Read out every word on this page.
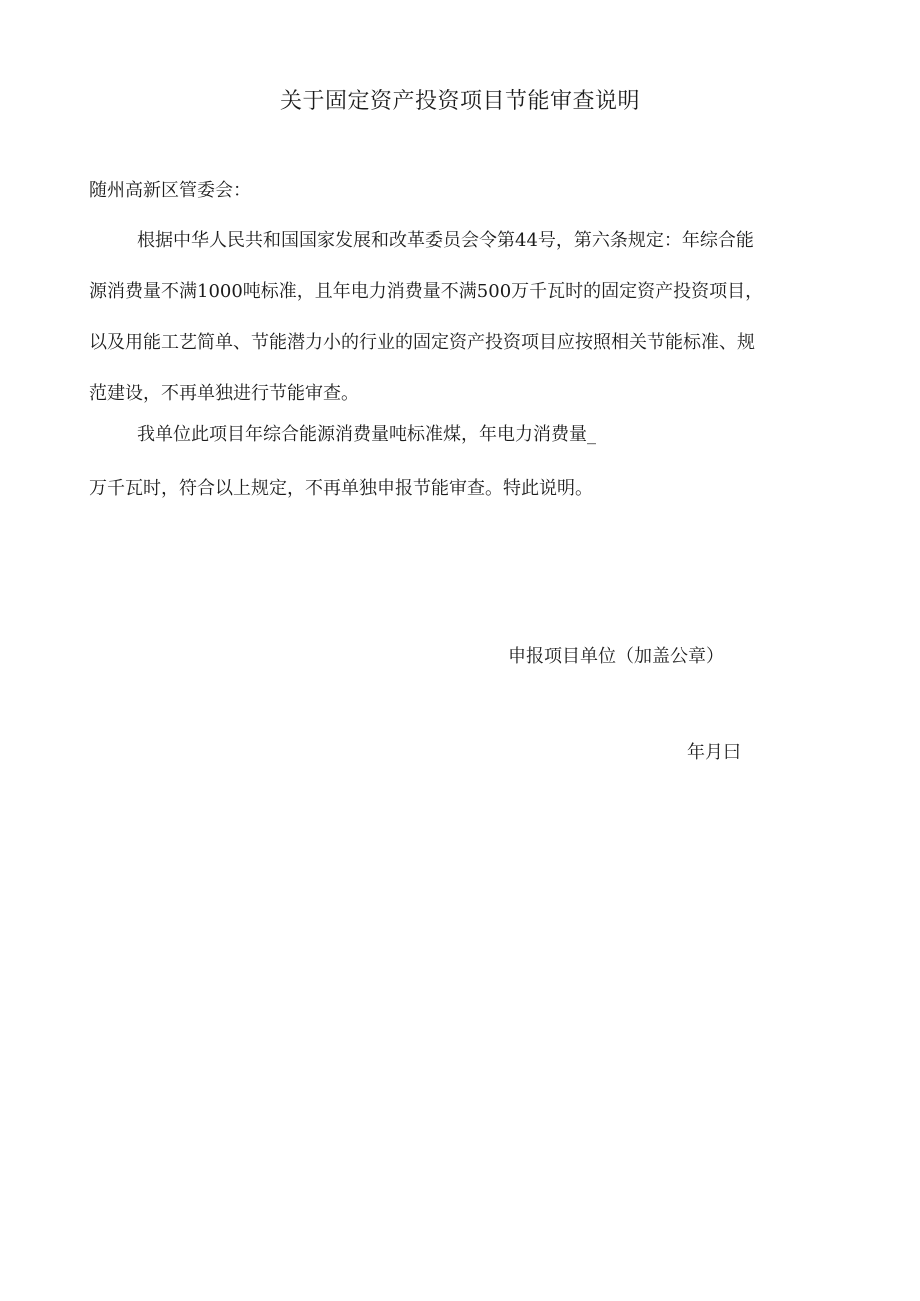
关于固定资产投资项目节能审查说明
随州高新区管委会：
根据中华人民共和国国家发展和改革委员会令第44号，第六条规定：年综合能
源消费量不满1000吨标准，且年电力消费量不满500万千瓦时的固定资产投资项目，
以及用能工艺简单、节能潜力小的行业的固定资产投资项目应按照相关节能标准、规
范建设，不再单独进行节能审查。
我单位此项目年综合能源消费量吨标准煤，年电力消费量_
万千瓦时，符合以上规定，不再单独申报节能审查。特此说明。
申报项目单位（加盖公章）
年月曰
